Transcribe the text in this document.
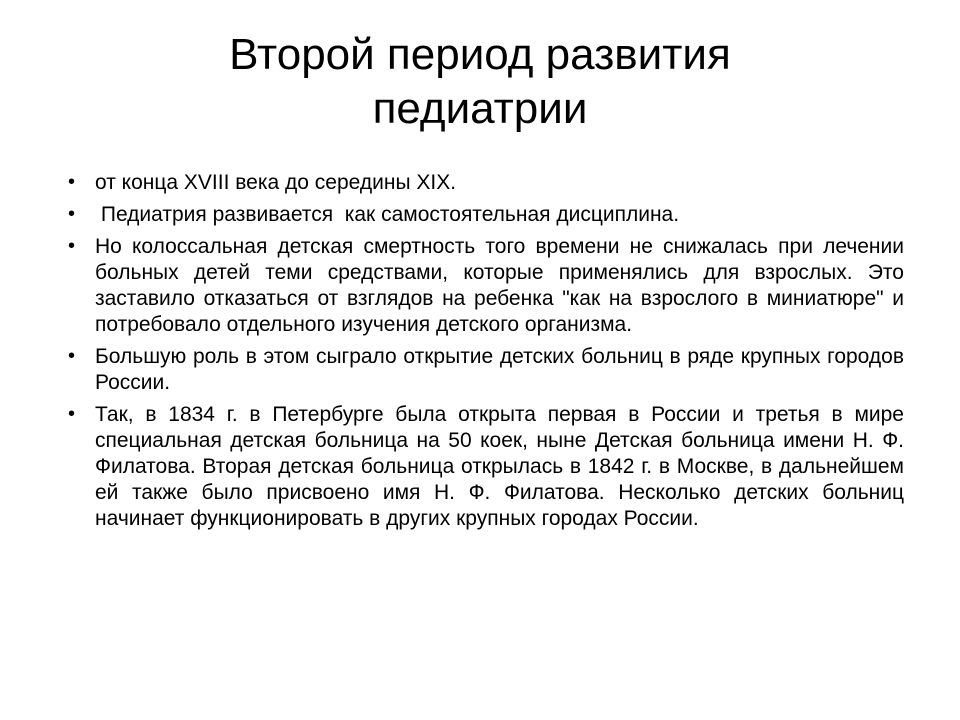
Второй период развития
педиатрии
• от конца XVIII века до середины XIX.
• Педиатрия развивается  как самостоятельная дисциплина.
• Но колоссальная детская смертность того времени не снижалась при лечении больных детей теми средствами, которые применялись для взрослых. Это заставило отказаться от взглядов на ребенка "как на взрослого в миниатюре" и потребовало отдельного изучения детского организма.
• Большую роль в этом сыграло открытие детских больниц в ряде крупных городов России.
• Так, в 1834 г. в Петербурге была открыта первая в России и третья в мире специальная детская больница на 50 коек, ныне Детская больница имени Н. Ф. Филатова. Вторая детская больница открылась в 1842 г. в Москве, в дальнейшем ей также было присвоено имя Н. Ф. Филатова. Несколько детских больниц начинает функционировать в других крупных городах России.
